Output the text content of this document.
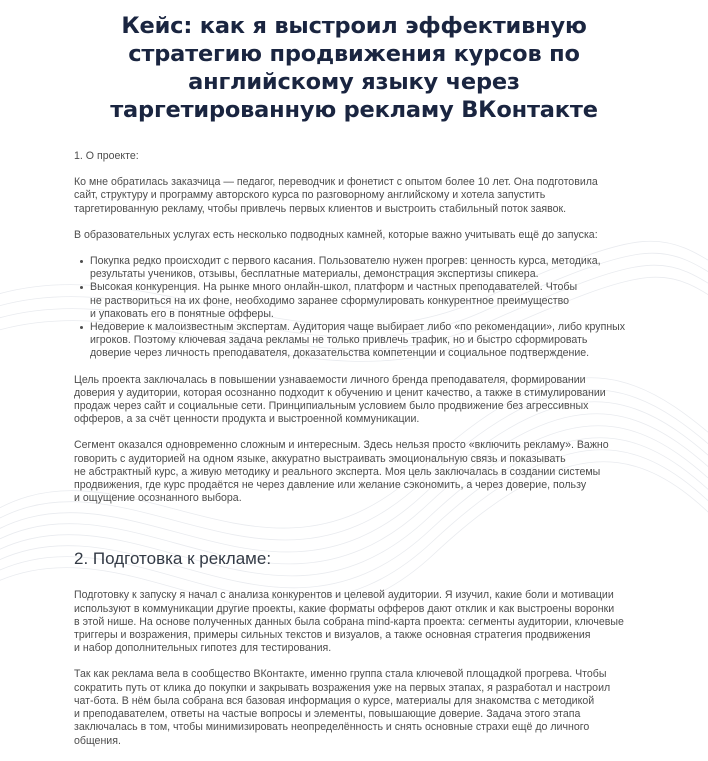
Кейс: как я выстроил эффективную
стратегию продвижения курсов по
английскому языку через
таргетированную рекламу ВКонтакте

1. О проекте:

Ко мне обратилась заказчица — педагог, переводчик и фонетист с опытом более 10 лет. Она подготовила
сайт, структуру и программу авторского курса по разговорному английскому и хотела запустить
таргетированную рекламу, чтобы привлечь первых клиентов и выстроить стабильный поток заявок.

В образовательных услугах есть несколько подводных камней, которые важно учитывать ещё до запуска:

Покупка редко происходит с первого касания. Пользователю нужен прогрев: ценность курса, методика,
результаты учеников, отзывы, бесплатные материалы, демонстрация экспертизы спикера.
Высокая конкуренция. На рынке много онлайн-школ, платформ и частных преподавателей. Чтобы
не раствориться на их фоне, необходимо заранее сформулировать конкурентное преимущество
и упаковать его в понятные офферы.
Недоверие к малоизвестным экспертам. Аудитория чаще выбирает либо «по рекомендации», либо крупных
игроков. Поэтому ключевая задача рекламы не только привлечь трафик, но и быстро сформировать
доверие через личность преподавателя, доказательства компетенции и социальное подтверждение.

Цель проекта заключалась в повышении узнаваемости личного бренда преподавателя, формировании
доверия у аудитории, которая осознанно подходит к обучению и ценит качество, а также в стимулировании
продаж через сайт и социальные сети. Принципиальным условием было продвижение без агрессивных
офферов, а за счёт ценности продукта и выстроенной коммуникации.

Сегмент оказался одновременно сложным и интересным. Здесь нельзя просто «включить рекламу». Важно
говорить с аудиторией на одном языке, аккуратно выстраивать эмоциональную связь и показывать
не абстрактный курс, а живую методику и реального эксперта. Моя цель заключалась в создании системы
продвижения, где курс продаётся не через давление или желание сэкономить, а через доверие, пользу
и ощущение осознанного выбора.

2. Подготовка к рекламе:

Подготовку к запуску я начал с анализа конкурентов и целевой аудитории. Я изучил, какие боли и мотивации
используют в коммуникации другие проекты, какие форматы офферов дают отклик и как выстроены воронки
в этой нише. На основе полученных данных была собрана mind-карта проекта: сегменты аудитории, ключевые
триггеры и возражения, примеры сильных текстов и визуалов, а также основная стратегия продвижения
и набор дополнительных гипотез для тестирования.

Так как реклама вела в сообщество ВКонтакте, именно группа стала ключевой площадкой прогрева. Чтобы
сократить путь от клика до покупки и закрывать возражения уже на первых этапах, я разработал и настроил
чат-бота. В нём была собрана вся базовая информация о курсе, материалы для знакомства с методикой
и преподавателем, ответы на частые вопросы и элементы, повышающие доверие. Задача этого этапа
заключалась в том, чтобы минимизировать неопределённость и снять основные страхи ещё до личного
общения.
